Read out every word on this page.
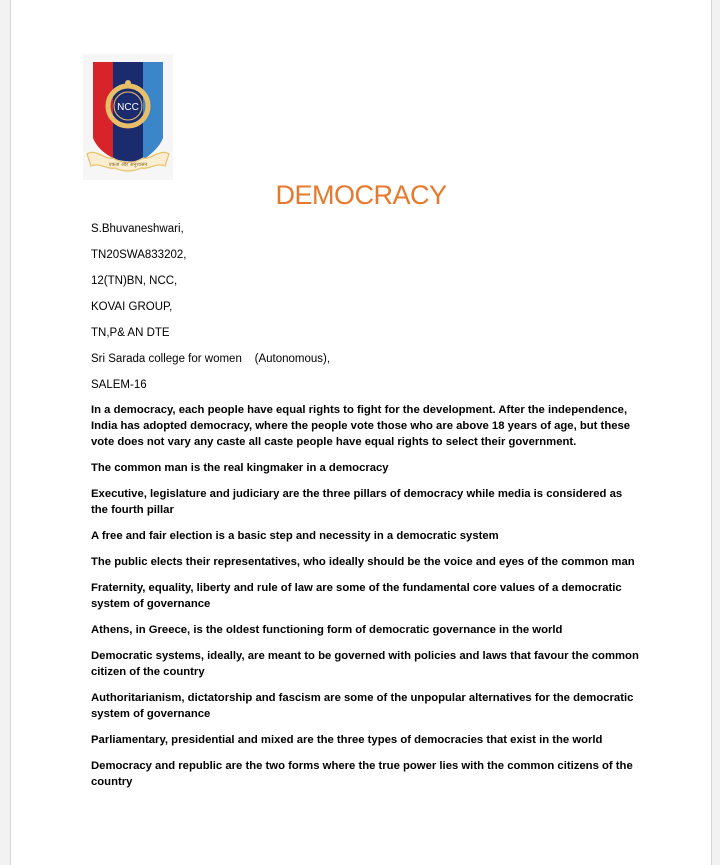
NCC
एकता और अनुशासन
DEMOCRACY
S.Bhuvaneshwari,
TN20SWA833202,
12(TN)BN, NCC,
KOVAI GROUP,
TN,P& AN DTE
Sri Sarada college for women    (Autonomous),
SALEM-16

In a democracy, each people have equal rights to fight for the development. After the independence, India has adopted democracy, where the people vote those who are above 18 years of age, but these vote does not vary any caste all caste people have equal rights to select their government.

The common man is the real kingmaker in a democracy

Executive, legislature and judiciary are the three pillars of democracy while media is considered as the fourth pillar

A free and fair election is a basic step and necessity in a democratic system

The public elects their representatives, who ideally should be the voice and eyes of the common man

Fraternity, equality, liberty and rule of law are some of the fundamental core values of a democratic system of governance

Athens, in Greece, is the oldest functioning form of democratic governance in the world

Democratic systems, ideally, are meant to be governed with policies and laws that favour the common citizen of the country

Authoritarianism, dictatorship and fascism are some of the unpopular alternatives for the democratic system of governance

Parliamentary, presidential and mixed are the three types of democracies that exist in the world

Democracy and republic are the two forms where the true power lies with the common citizens of the country
